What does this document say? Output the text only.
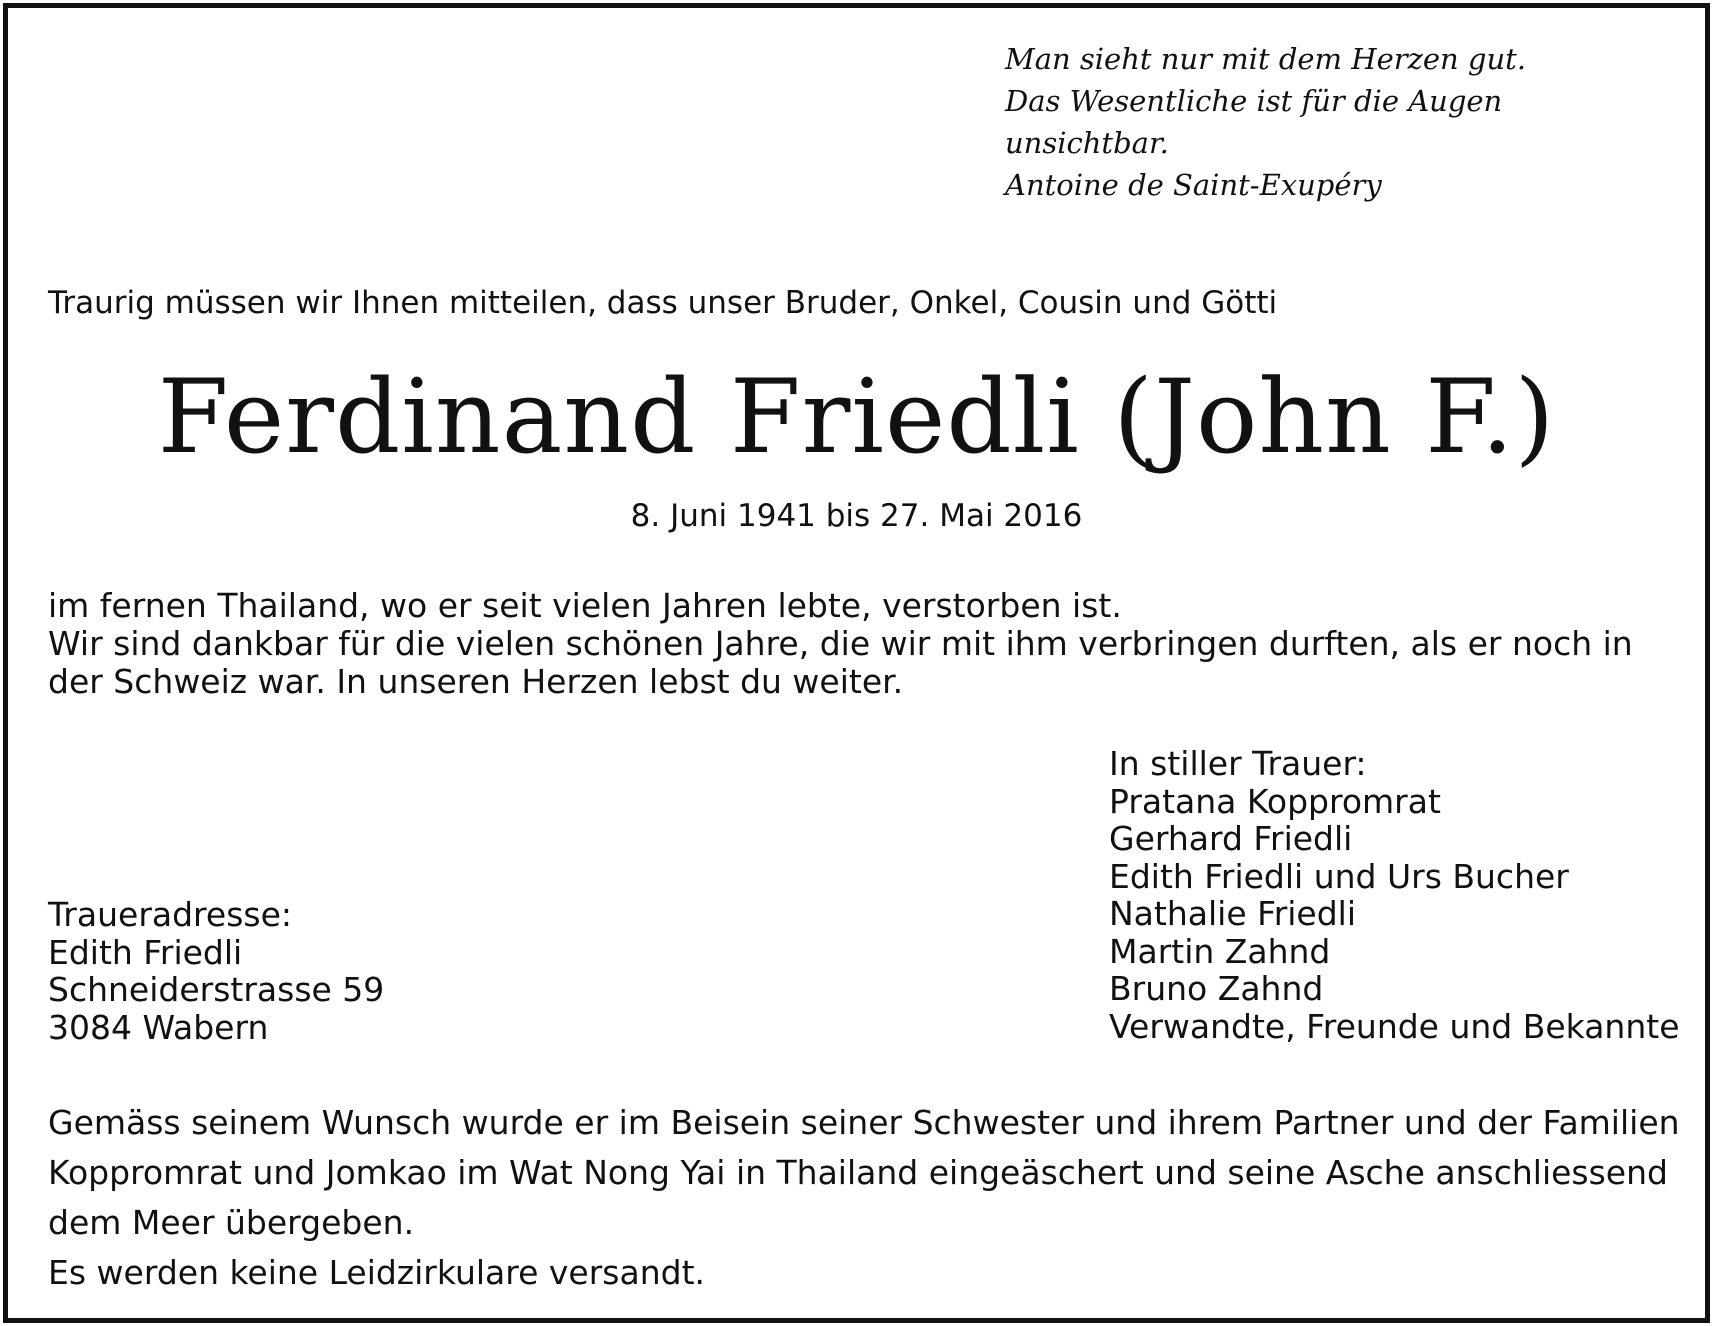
Man sieht nur mit dem Herzen gut.
Das Wesentliche ist für die Augen
unsichtbar.
Antoine de Saint-Exupéry
Traurig müssen wir Ihnen mitteilen, dass unser Bruder, Onkel, Cousin und Götti
Ferdinand Friedli (John F.)
8. Juni 1941 bis 27. Mai 2016
im fernen Thailand, wo er seit vielen Jahren lebte, verstorben ist.
Wir sind dankbar für die vielen schönen Jahre, die wir mit ihm verbringen durften, als er noch in
der Schweiz war. In unseren Herzen lebst du weiter.
In stiller Trauer:
Pratana Koppromrat
Gerhard Friedli
Edith Friedli und Urs Bucher
Nathalie Friedli
Martin Zahnd
Bruno Zahnd
Verwandte, Freunde und Bekannte
Traueradresse:
Edith Friedli
Schneiderstrasse 59
3084 Wabern
Gemäss seinem Wunsch wurde er im Beisein seiner Schwester und ihrem Partner und der Familien
Koppromrat und Jomkao im Wat Nong Yai in Thailand eingeäschert und seine Asche anschliessend
dem Meer übergeben.
Es werden keine Leidzirkulare versandt.
